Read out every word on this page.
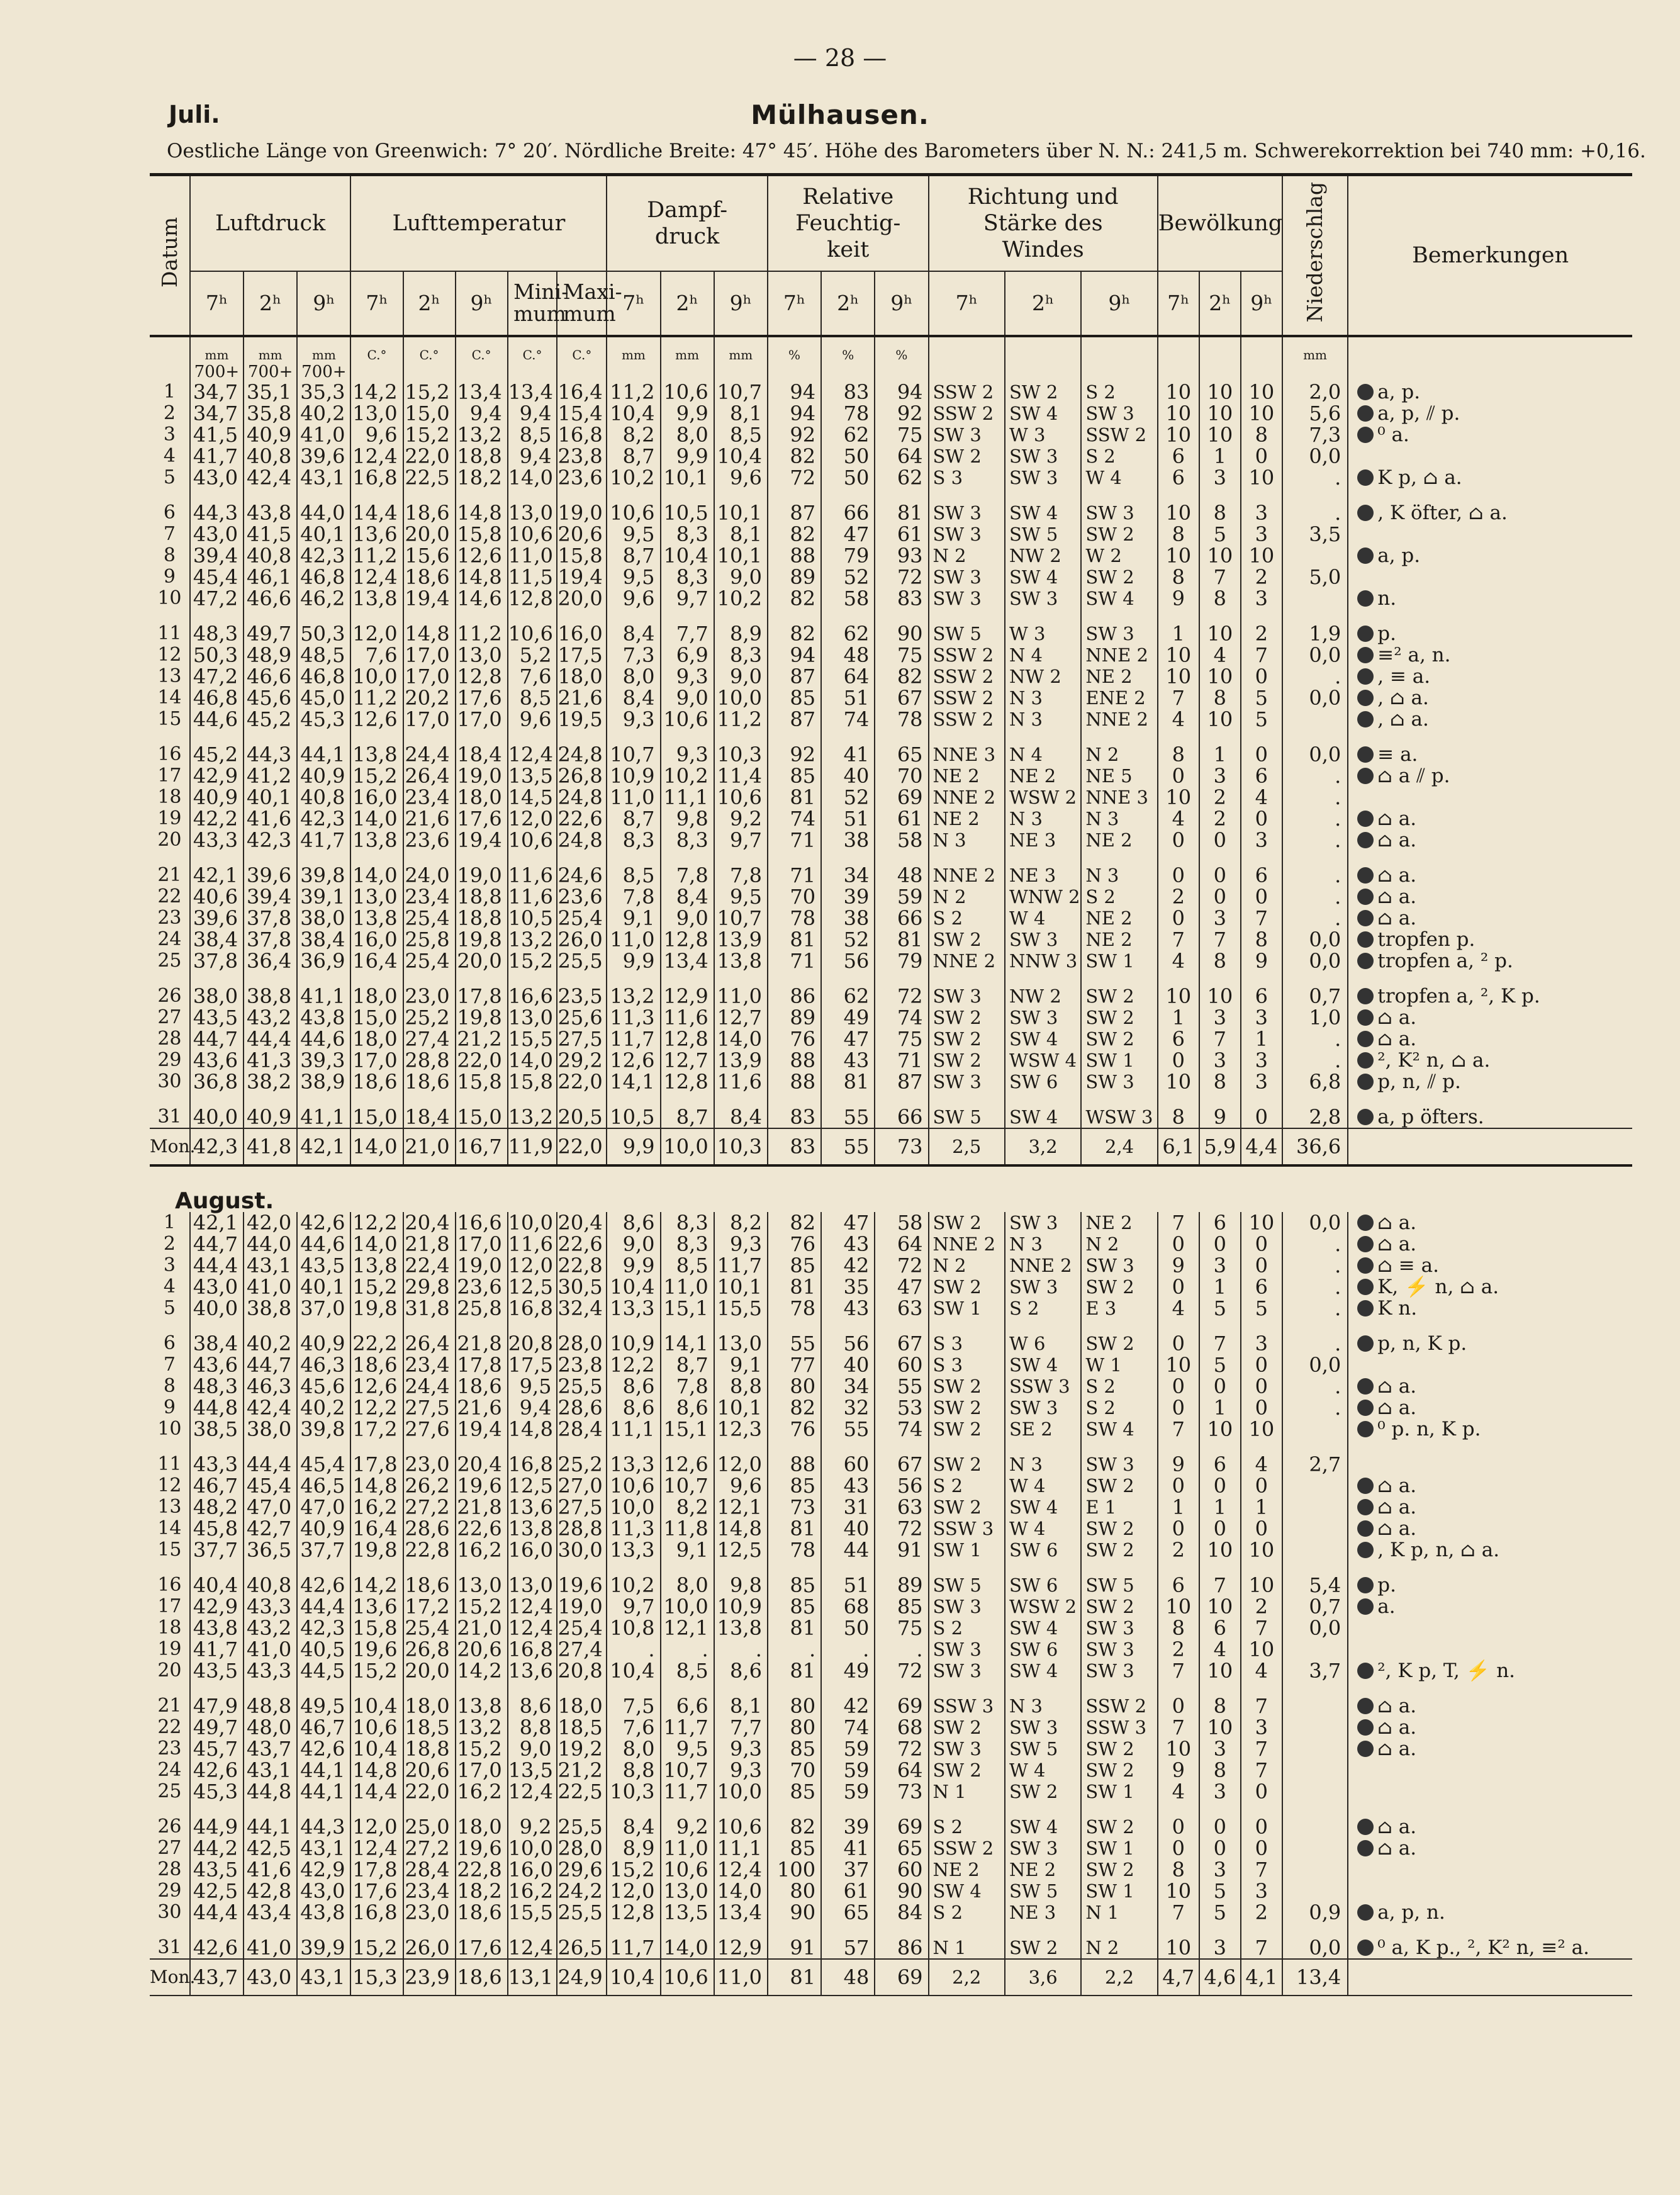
— 28 —
Juli.	Mülhausen.
Oestliche Länge von Greenwich: 7° 20′. Nördliche Breite: 47° 45′. Höhe des Barometers über N. N.: 241,5 m. Schwerekorrektion bei 740 mm: +0,16.
Datum	Luftdruck			Lufttemperatur					Dampf-druck			Relative Feuchtig-keit			Richtung und Stärke des Windes			Bewölkung			Niederschlag	Bemerkungen
	7ʰ	2ʰ	9ʰ	7ʰ	2ʰ	9ʰ	Mini-mum	Maxi-mum	7ʰ	2ʰ	9ʰ	7ʰ	2ʰ	9ʰ	7ʰ	2ʰ	9ʰ	7ʰ	2ʰ	9ʰ		
	mm	mm	mm	C.°	C.°	C.°	C.°	C.°	mm	mm	mm	%	%	%							mm	
	700+	700+	700+																			
1	34,7	35,1	35,3	14,2	15,2	13,4	13,4	16,4	11,2	10,6	10,7	94	83	94	SSW 2	SW 2	S 2	10	10	10	2,0	a, p.
2	34,7	35,8	40,2	13,0	15,0	9,4	9,4	15,4	10,4	9,9	8,1	94	78	92	SSW 2	SW 4	SW 3	10	10	10	5,6	a, p, ⫽ p.
3	41,5	40,9	41,0	9,6	15,2	13,2	8,5	16,8	8,2	8,0	8,5	92	62	75	SW 3	W 3	SSW 2	10	10	8	7,3	⁰ a.
4	41,7	40,8	39,6	12,4	22,0	18,8	9,4	23,8	8,7	9,9	10,4	82	50	64	SW 2	SW 3	S 2	6	1	0	0,0	
5	43,0	42,4	43,1	16,8	22,5	18,2	14,0	23,6	10,2	10,1	9,6	72	50	62	S 3	SW 3	W 4	6	3	10	.	K p, ⌂ a.

6	44,3	43,8	44,0	14,4	18,6	14,8	13,0	19,0	10,6	10,5	10,1	87	66	81	SW 3	SW 4	SW 3	10	8	3	.	, K öfter, ⌂ a.
7	43,0	41,5	40,1	13,6	20,0	15,8	10,6	20,6	9,5	8,3	8,1	82	47	61	SW 3	SW 5	SW 2	8	5	3	3,5	
8	39,4	40,8	42,3	11,2	15,6	12,6	11,0	15,8	8,7	10,4	10,1	88	79	93	N 2	NW 2	W 2	10	10	10		a, p.
9	45,4	46,1	46,8	12,4	18,6	14,8	11,5	19,4	9,5	8,3	9,0	89	52	72	SW 3	SW 4	SW 2	8	7	2	5,0	
10	47,2	46,6	46,2	13,8	19,4	14,6	12,8	20,0	9,6	9,7	10,2	82	58	83	SW 3	SW 3	SW 4	9	8	3		n.

11	48,3	49,7	50,3	12,0	14,8	11,2	10,6	16,0	8,4	7,7	8,9	82	62	90	SW 5	W 3	SW 3	1	10	2	1,9	p.
12	50,3	48,9	48,5	7,6	17,0	13,0	5,2	17,5	7,3	6,9	8,3	94	48	75	SSW 2	N 4	NNE 2	10	4	7	0,0	≡² a, n.
13	47,2	46,6	46,8	10,0	17,0	12,8	7,6	18,0	8,0	9,3	9,0	87	64	82	SSW 2	NW 2	NE 2	10	10	0	.	, ≡ a.
14	46,8	45,6	45,0	11,2	20,2	17,6	8,5	21,6	8,4	9,0	10,0	85	51	67	SSW 2	N 3	ENE 2	7	8	5	0,0	, ⌂ a.
15	44,6	45,2	45,3	12,6	17,0	17,0	9,6	19,5	9,3	10,6	11,2	87	74	78	SSW 2	N 3	NNE 2	4	10	5		, ⌂ a.

16	45,2	44,3	44,1	13,8	24,4	18,4	12,4	24,8	10,7	9,3	10,3	92	41	65	NNE 3	N 4	N 2	8	1	0	0,0	≡ a.
17	42,9	41,2	40,9	15,2	26,4	19,0	13,5	26,8	10,9	10,2	11,4	85	40	70	NE 2	NE 2	NE 5	0	3	6	.	⌂ a ⫽ p.
18	40,9	40,1	40,8	16,0	23,4	18,0	14,5	24,8	11,0	11,1	10,6	81	52	69	NNE 2	WSW 2	NNE 3	10	2	4	.	
19	42,2	41,6	42,3	14,0	21,6	17,6	12,0	22,6	8,7	9,8	9,2	74	51	61	NE 2	N 3	N 3	4	2	0	.	⌂ a.
20	43,3	42,3	41,7	13,8	23,6	19,4	10,6	24,8	8,3	8,3	9,7	71	38	58	N 3	NE 3	NE 2	0	0	3	.	⌂ a.

21	42,1	39,6	39,8	14,0	24,0	19,0	11,6	24,6	8,5	7,8	7,8	71	34	48	NNE 2	NE 3	N 3	0	0	6	.	⌂ a.
22	40,6	39,4	39,1	13,0	23,4	18,8	11,6	23,6	7,8	8,4	9,5	70	39	59	N 2	WNW 2	S 2	2	0	0	.	⌂ a.
23	39,6	37,8	38,0	13,8	25,4	18,8	10,5	25,4	9,1	9,0	10,7	78	38	66	S 2	W 4	NE 2	0	3	7	.	⌂ a.
24	38,4	37,8	38,4	16,0	25,8	19,8	13,2	26,0	11,0	12,8	13,9	81	52	81	SW 2	SW 3	NE 2	7	7	8	0,0	tropfen p.
25	37,8	36,4	36,9	16,4	25,4	20,0	15,2	25,5	9,9	13,4	13,8	71	56	79	NNE 2	NNW 3	SW 1	4	8	9	0,0	tropfen a, ² p.

26	38,0	38,8	41,1	18,0	23,0	17,8	16,6	23,5	13,2	12,9	11,0	86	62	72	SW 3	NW 2	SW 2	10	10	6	0,7	tropfen a, ², K p.
27	43,5	43,2	43,8	15,0	25,2	19,8	13,0	25,6	11,3	11,6	12,7	89	49	74	SW 2	SW 3	SW 2	1	3	3	1,0	⌂ a.
28	44,7	44,4	44,6	18,0	27,4	21,2	15,5	27,5	11,7	12,8	14,0	76	47	75	SW 2	SW 4	SW 2	6	7	1	.	⌂ a.
29	43,6	41,3	39,3	17,0	28,8	22,0	14,0	29,2	12,6	12,7	13,9	88	43	71	SW 2	WSW 4	SW 1	0	3	3	.	², K² n, ⌂ a.
30	36,8	38,2	38,9	18,6	18,6	15,8	15,8	22,0	14,1	12,8	11,6	88	81	87	SW 3	SW 6	SW 3	10	8	3	6,8	p, n, ⫽ p.

31	40,0	40,9	41,1	15,0	18,4	15,0	13,2	20,5	10,5	8,7	8,4	83	55	66	SW 5	SW 4	WSW 3	8	9	0	2,8	a, p öfters.
Mon.	42,3	41,8	42,1	14,0	21,0	16,7	11,9	22,0	9,9	10,0	10,3	83	55	73	2,5	3,2	2,4	6,1	5,9	4,4	36,6	
August.																						
1	42,1	42,0	42,6	12,2	20,4	16,6	10,0	20,4	8,6	8,3	8,2	82	47	58	SW 2	SW 3	NE 2	7	6	10	0,0	⌂ a.
2	44,7	44,0	44,6	14,0	21,8	17,0	11,6	22,6	9,0	8,3	9,3	76	43	64	NNE 2	N 3	N 2	0	0	0	.	⌂ a.
3	44,4	43,1	43,5	13,8	22,4	19,0	12,0	22,8	9,9	8,5	11,7	85	42	72	N 2	NNE 2	SW 3	9	3	0	.	⌂ ≡ a.
4	43,0	41,0	40,1	15,2	29,8	23,6	12,5	30,5	10,4	11,0	10,1	81	35	47	SW 2	SW 3	SW 2	0	1	6	.	K, ⚡ n, ⌂ a.
5	40,0	38,8	37,0	19,8	31,8	25,8	16,8	32,4	13,3	15,1	15,5	78	43	63	SW 1	S 2	E 3	4	5	5	.	K n.

6	38,4	40,2	40,9	22,2	26,4	21,8	20,8	28,0	10,9	14,1	13,0	55	56	67	S 3	W 6	SW 2	0	7	3	.	p, n, K p.
7	43,6	44,7	46,3	18,6	23,4	17,8	17,5	23,8	12,2	8,7	9,1	77	40	60	S 3	SW 4	W 1	10	5	0	0,0	
8	48,3	46,3	45,6	12,6	24,4	18,6	9,5	25,5	8,6	7,8	8,8	80	34	55	SW 2	SSW 3	S 2	0	0	0	.	⌂ a.
9	44,8	42,4	40,2	12,2	27,5	21,6	9,4	28,6	8,6	8,6	10,1	82	32	53	SW 2	SW 3	S 2	0	1	0	.	⌂ a.
10	38,5	38,0	39,8	17,2	27,6	19,4	14,8	28,4	11,1	15,1	12,3	76	55	74	SW 2	SE 2	SW 4	7	10	10		⁰ p. n, K p.

11	43,3	44,4	45,4	17,8	23,0	20,4	16,8	25,2	13,3	12,6	12,0	88	60	67	SW 2	N 3	SW 3	9	6	4	2,7	
12	46,7	45,4	46,5	14,8	26,2	19,6	12,5	27,0	10,6	10,7	9,6	85	43	56	S 2	W 4	SW 2	0	0	0		⌂ a.
13	48,2	47,0	47,0	16,2	27,2	21,8	13,6	27,5	10,0	8,2	12,1	73	31	63	SW 2	SW 4	E 1	1	1	1		⌂ a.
14	45,8	42,7	40,9	16,4	28,6	22,6	13,8	28,8	11,3	11,8	14,8	81	40	72	SSW 3	W 4	SW 2	0	0	0		⌂ a.
15	37,7	36,5	37,7	19,8	22,8	16,2	16,0	30,0	13,3	9,1	12,5	78	44	91	SW 1	SW 6	SW 2	2	10	10		, K p, n, ⌂ a.

16	40,4	40,8	42,6	14,2	18,6	13,0	13,0	19,6	10,2	8,0	9,8	85	51	89	SW 5	SW 6	SW 5	6	7	10	5,4	p.
17	42,9	43,3	44,4	13,6	17,2	15,2	12,4	19,0	9,7	10,0	10,9	85	68	85	SW 3	WSW 2	SW 2	10	10	2	0,7	a.
18	43,8	43,2	42,3	15,8	25,4	21,0	12,4	25,4	10,8	12,1	13,8	81	50	75	S 2	SW 4	SW 3	8	6	7	0,0	
19	41,7	41,0	40,5	19,6	26,8	20,6	16,8	27,4	.	.	.	.	.	.	SW 3	SW 6	SW 3	2	4	10		
20	43,5	43,3	44,5	15,2	20,0	14,2	13,6	20,8	10,4	8,5	8,6	81	49	72	SW 3	SW 4	SW 3	7	10	4	3,7	², K p, T, ⚡ n.

21	47,9	48,8	49,5	10,4	18,0	13,8	8,6	18,0	7,5	6,6	8,1	80	42	69	SSW 3	N 3	SSW 2	0	8	7		⌂ a.
22	49,7	48,0	46,7	10,6	18,5	13,2	8,8	18,5	7,6	11,7	7,7	80	74	68	SW 2	SW 3	SSW 3	7	10	3		⌂ a.
23	45,7	43,7	42,6	10,4	18,8	15,2	9,0	19,2	8,0	9,5	9,3	85	59	72	SW 3	SW 5	SW 2	10	3	7		⌂ a.
24	42,6	43,1	44,1	14,8	20,6	17,0	13,5	21,2	8,8	10,7	9,3	70	59	64	SW 2	W 4	SW 2	9	8	7		
25	45,3	44,8	44,1	14,4	22,0	16,2	12,4	22,5	10,3	11,7	10,0	85	59	73	N 1	SW 2	SW 1	4	3	0		

26	44,9	44,1	44,3	12,0	25,0	18,0	9,2	25,5	8,4	9,2	10,6	82	39	69	S 2	SW 4	SW 2	0	0	0		⌂ a.
27	44,2	42,5	43,1	12,4	27,2	19,6	10,0	28,0	8,9	11,0	11,1	85	41	65	SSW 2	SW 3	SW 1	0	0	0		⌂ a.
28	43,5	41,6	42,9	17,8	28,4	22,8	16,0	29,6	15,2	10,6	12,4	100	37	60	NE 2	NE 2	SW 2	8	3	7		
29	42,5	42,8	43,0	17,6	23,4	18,2	16,2	24,2	12,0	13,0	14,0	80	61	90	SW 4	SW 5	SW 1	10	5	3		
30	44,4	43,4	43,8	16,8	23,0	18,6	15,5	25,5	12,8	13,5	13,4	90	65	84	S 2	NE 3	N 1	7	5	2	0,9	a, p, n.

31	42,6	41,0	39,9	15,2	26,0	17,6	12,4	26,5	11,7	14,0	12,9	91	57	86	N 1	SW 2	N 2	10	3	7	0,0	⁰ a, K p., ², K² n, ≡² a.
Mon.	43,7	43,0	43,1	15,3	23,9	18,6	13,1	24,9	10,4	10,6	11,0	81	48	69	2,2	3,6	2,2	4,7	4,6	4,1	13,4	
